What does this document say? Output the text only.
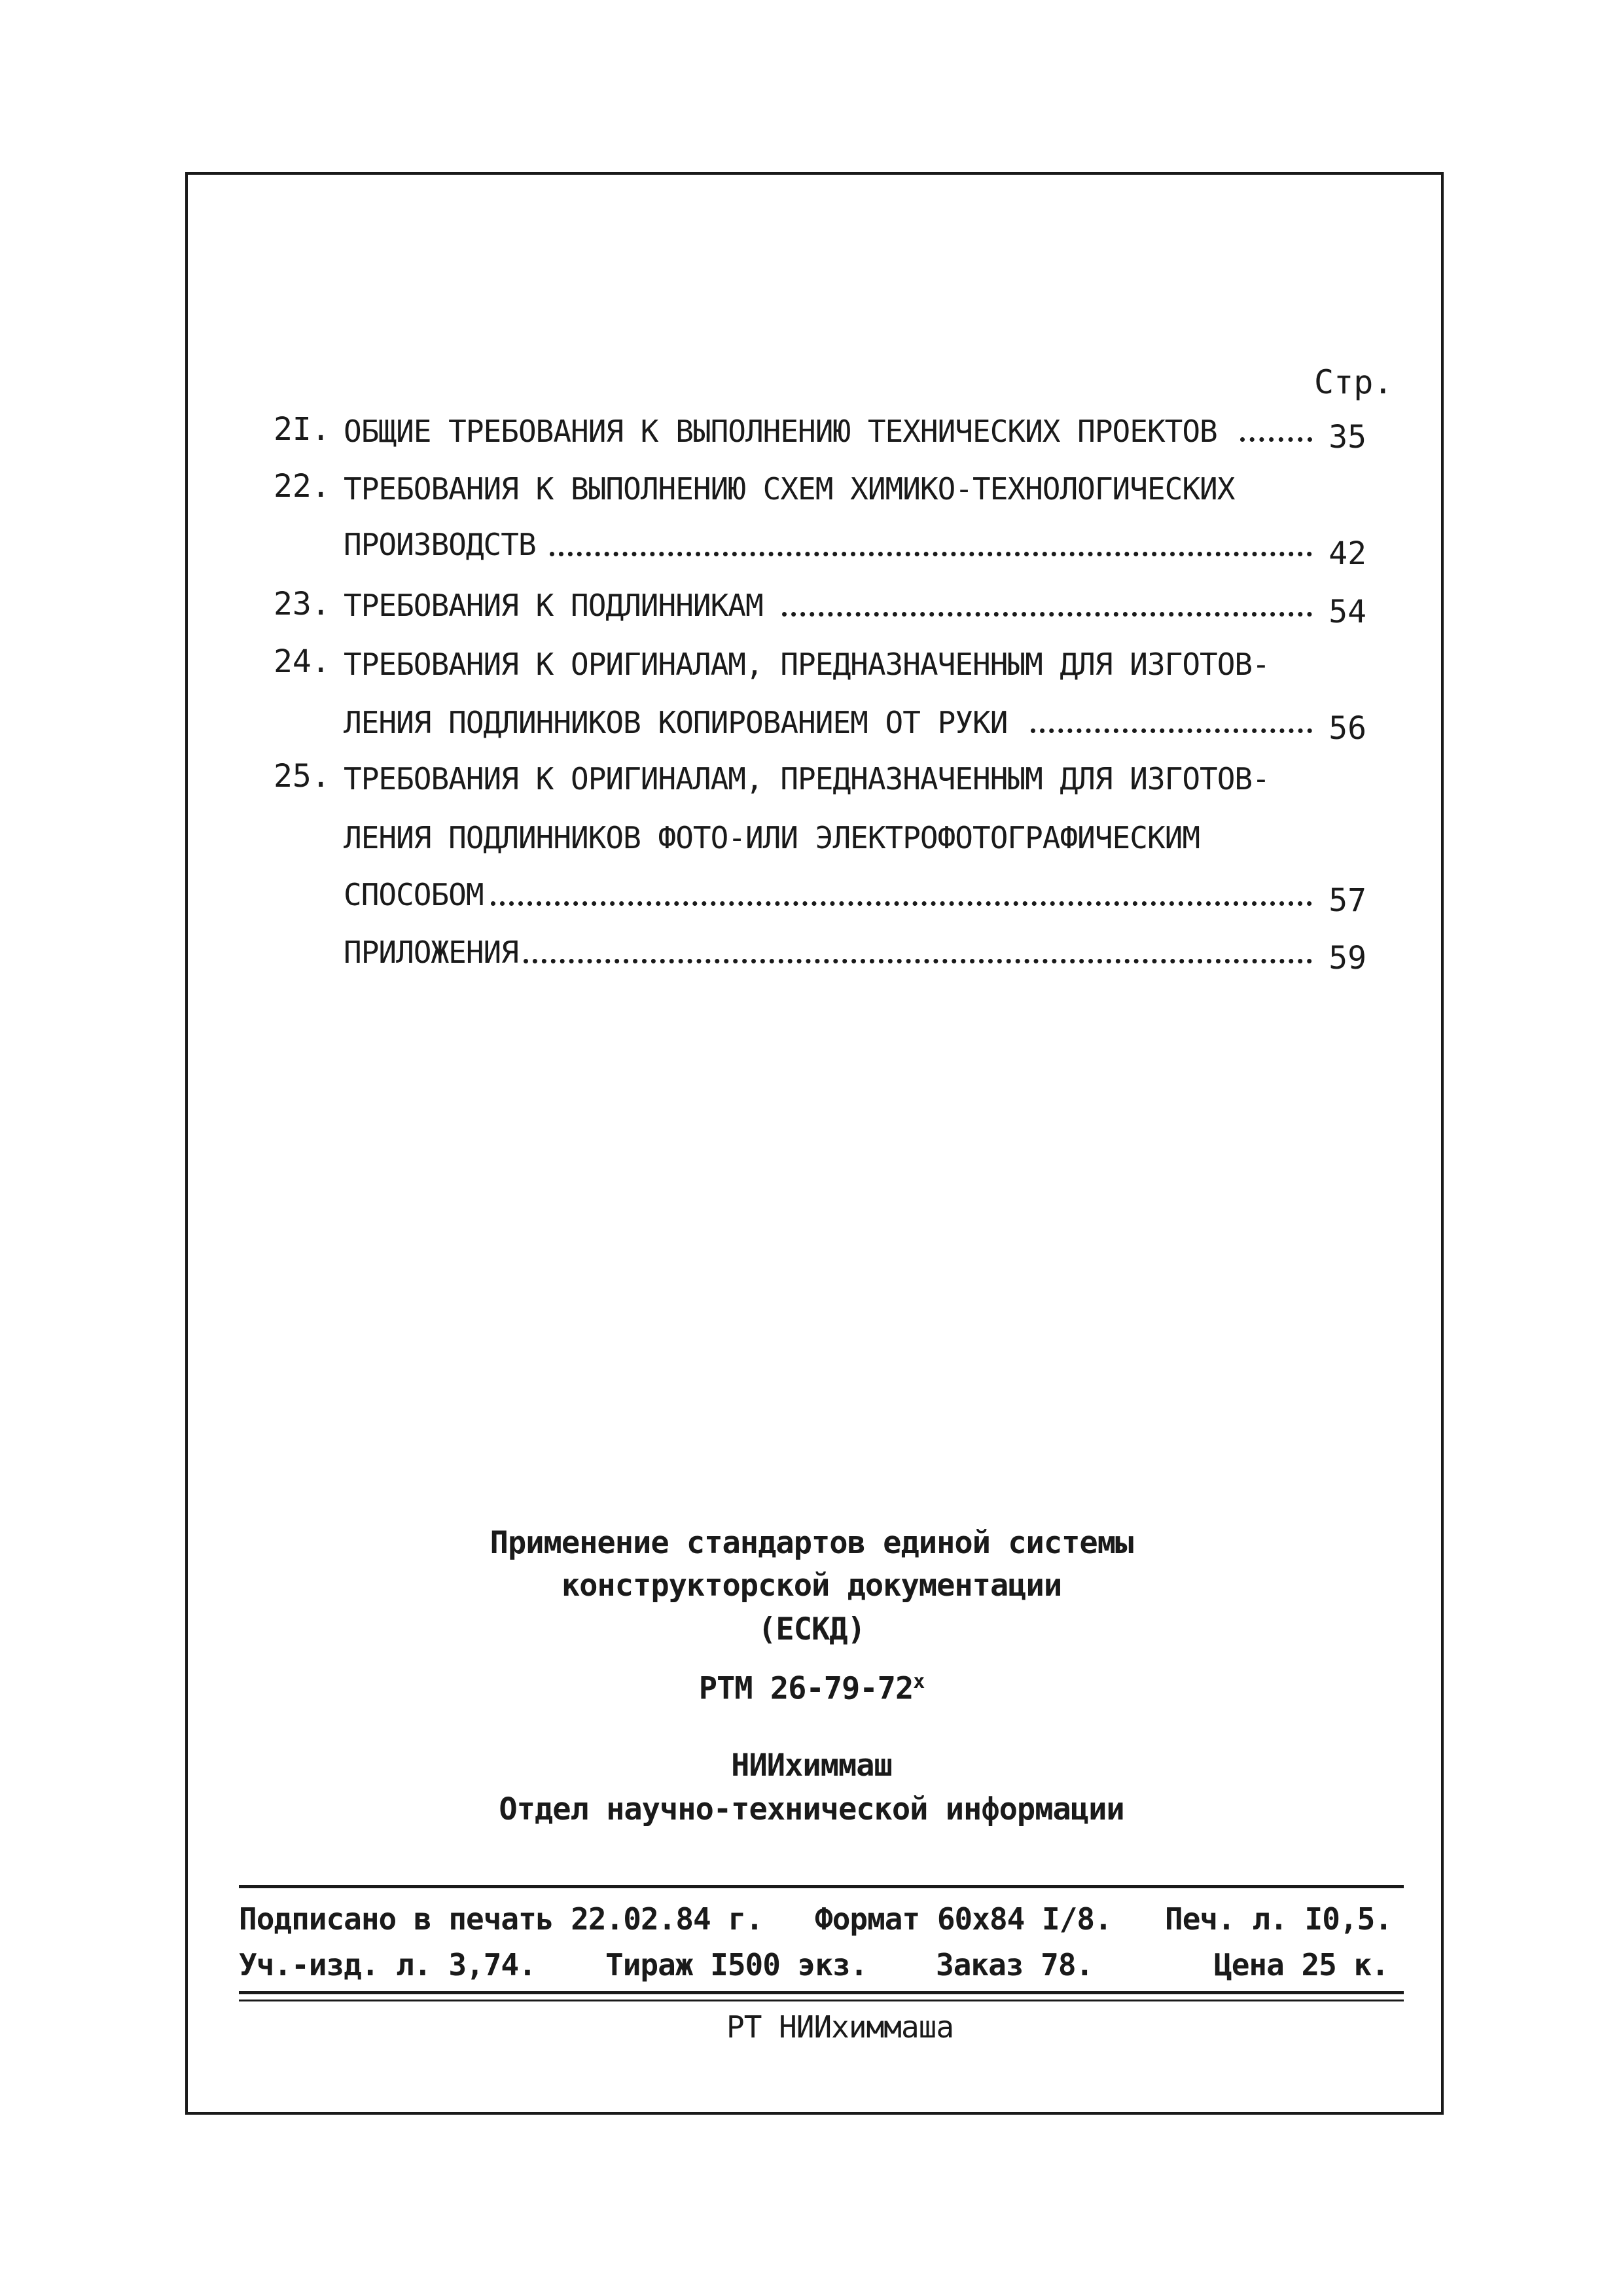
Стр.
2I. ОБЩИЕ ТРЕБОВАНИЯ К ВЫПОЛНЕНИЮ ТЕХНИЧЕСКИХ ПРОЕКТОВ	35
22. ТРЕБОВАНИЯ К ВЫПОЛНЕНИЮ СХЕМ ХИМИКО-ТЕХНОЛОГИЧЕСКИХ
ПРОИЗВОДСТВ	42
23. ТРЕБОВАНИЯ К ПОДЛИННИКАМ	54
24. ТРЕБОВАНИЯ К ОРИГИНАЛАМ, ПРЕДНАЗНАЧЕННЫМ ДЛЯ ИЗГОТОВ-
ЛЕНИЯ ПОДЛИННИКОВ КОПИРОВАНИЕМ ОТ РУКИ	56
25. ТРЕБОВАНИЯ К ОРИГИНАЛАМ, ПРЕДНАЗНАЧЕННЫМ ДЛЯ ИЗГОТОВ-
ЛЕНИЯ ПОДЛИННИКОВ ФОТО-ИЛИ ЭЛЕКТРОФОТОГРАФИЧЕСКИМ
СПОСОБОМ	57
ПРИЛОЖЕНИЯ	59
Применение стандартов единой системы
конструкторской документации
(ЕСКД)
РТМ 26-79-72$^x$
НИИхиммаш
Отдел научно-технической информации
Подписано в печать 22.02.84 г. Формат 60х84 I/8. Печ. л. I0,5.
Уч.-изд. л. 3,74. Тираж I500 экз. Заказ 78.	Цена 25 к.
РТ НИИхиммаша
